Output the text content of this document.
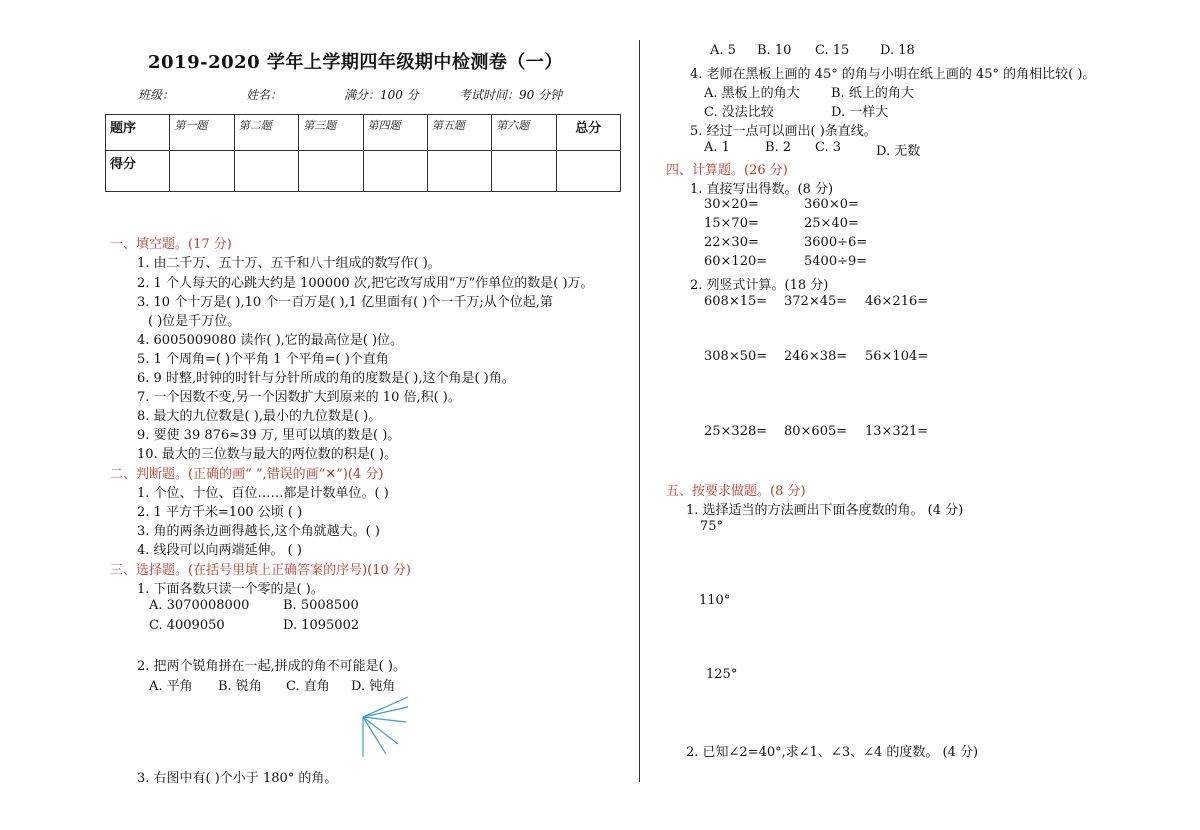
2019-2020 学年上学期四年级期中检测卷（一）
班级：	姓名：	满分：100 分	考试时间：90 分钟
题序	第一题	第二题	第三题	第四题	第五题	第六题	总分
得分							
一、填空题。(17 分)
1. 由二千万、五十万、五千和八十组成的数写作( )。
2. 1 个人每天的心跳大约是 100000 次,把它改写成用“万”作单位的数是( )万。
3. 10 个十万是( ),10 个一百万是( ),1 亿里面有( )个一千万;从个位起,第
( )位是千万位。
4. 6005009080 读作( ),它的最高位是( )位。
5. 1 个周角=( )个平角 1 个平角=( )个直角
6. 9 时整,时钟的时针与分针所成的角的度数是( ),这个角是( )角。
7. 一个因数不变,另一个因数扩大到原来的 10 倍,积( )。
8. 最大的九位数是( ),最小的九位数是( )。
9. 要使 39 876≈39 万, 里可以填的数是( )。
10. 最大的三位数与最大的两位数的积是( )。
二、判断题。(正确的画“ ”,错误的画“✕”)(4 分)
1. 个位、十位、百位……都是计数单位。( )
2. 1 平方千米=100 公顷 ( )
3. 角的两条边画得越长,这个角就越大。( )
4. 线段可以向两端延伸。 ( )
三、选择题。(在括号里填上正确答案的序号)(10 分)
1. 下面各数只读一个零的是( )。
A. 3070008000	B. 5008500
C. 4009050	D. 1095002
2. 把两个锐角拼在一起,拼成的角不可能是( )。
A. 平角 B. 锐角 C. 直角 D. 钝角
3. 右图中有( )个小于 180° 的角。
A. 5 B. 10 C. 15 D. 18
4. 老师在黑板上画的 45° 的角与小明在纸上画的 45° 的角相比较( )。
A. 黑板上的角大 B. 纸上的角大
C. 没法比较	D. 一样大
5. 经过一点可以画出( )条直线。
A. 1	B. 2 C. 3	D. 无数
四、计算题。(26 分)
1. 直接写出得数。(8 分)
30×20=	360×0=
15×70=	25×40=
22×30=	3600÷6=
60×120=	5400÷9=
2. 列竖式计算。(18 分)
608×15= 372×45= 46×216=
308×50= 246×38= 56×104=
25×328= 80×605= 13×321=
五、按要求做题。(8 分)
1. 选择适当的方法画出下面各度数的角。 (4 分)
75°
110°
125°
2. 已知∠2=40°,求∠1、∠3、∠4 的度数。 (4 分)
